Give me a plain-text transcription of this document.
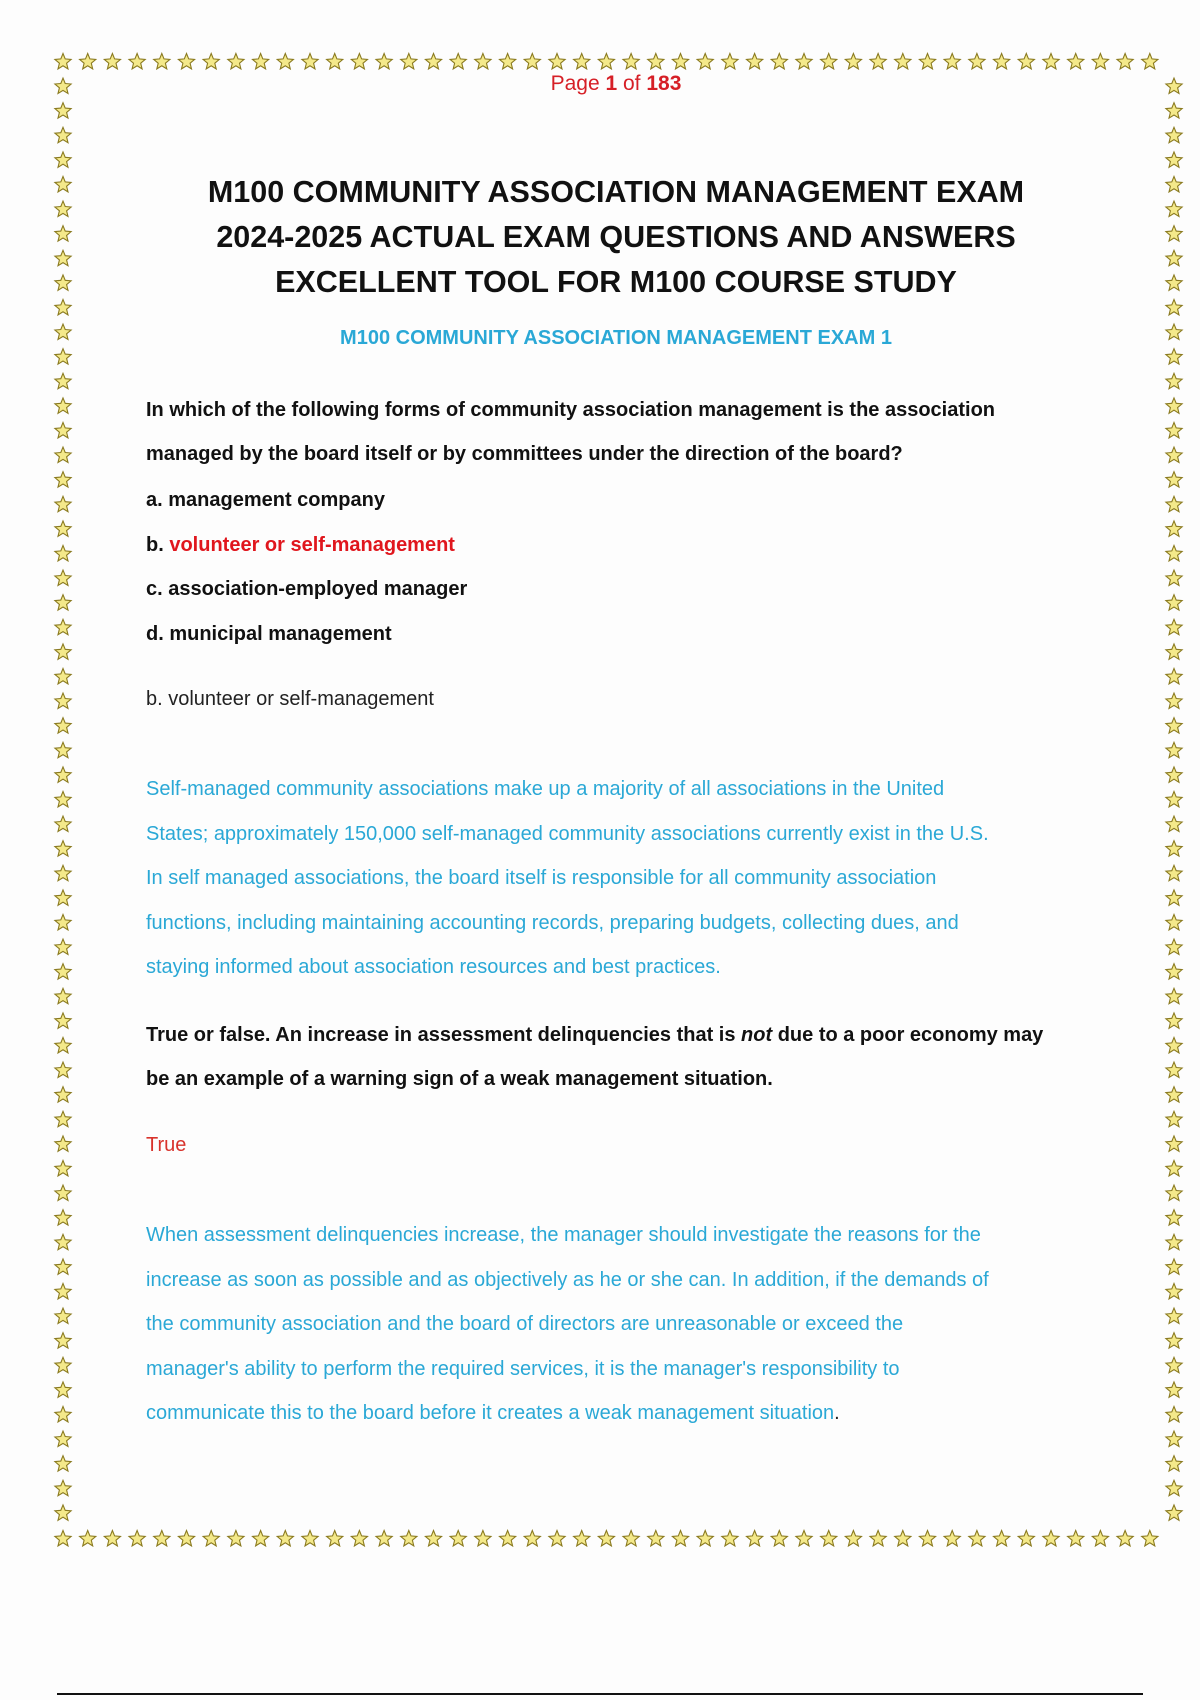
Page 1 of 183
M100 COMMUNITY ASSOCIATION MANAGEMENT EXAM
2024-2025 ACTUAL EXAM QUESTIONS AND ANSWERS
EXCELLENT TOOL FOR M100 COURSE STUDY
M100 COMMUNITY ASSOCIATION MANAGEMENT EXAM 1
In which of the following forms of community association management is the association
managed by the board itself or by committees under the direction of the board?
a. management company
b. volunteer or self-management
c. association-employed manager
d. municipal management
b. volunteer or self-management
Self-managed community associations make up a majority of all associations in the United
States; approximately 150,000 self-managed community associations currently exist in the U.S.
In self managed associations, the board itself is responsible for all community association
functions, including maintaining accounting records, preparing budgets, collecting dues, and
staying informed about association resources and best practices.
True or false. An increase in assessment delinquencies that is not due to a poor economy may
be an example of a warning sign of a weak management situation.
True
When assessment delinquencies increase, the manager should investigate the reasons for the
increase as soon as possible and as objectively as he or she can. In addition, if the demands of
the community association and the board of directors are unreasonable or exceed the
manager's ability to perform the required services, it is the manager's responsibility to
communicate this to the board before it creates a weak management situation.
